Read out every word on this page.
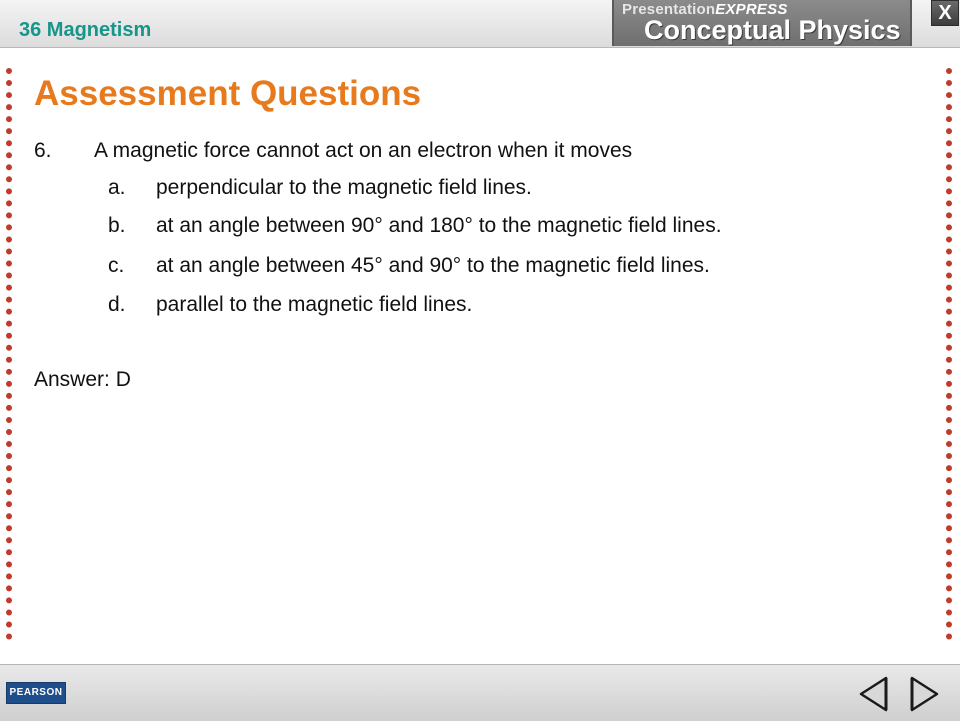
36 Magnetism
PresentationEXPRESS
Conceptual Physics
X
Assessment Questions
6. A magnetic force cannot act on an electron when it moves
a. perpendicular to the magnetic field lines.
b. at an angle between 90° and 180° to the magnetic field lines.
c. at an angle between 45° and 90° to the magnetic field lines.
d. parallel to the magnetic field lines.
Answer: D
PEARSON
